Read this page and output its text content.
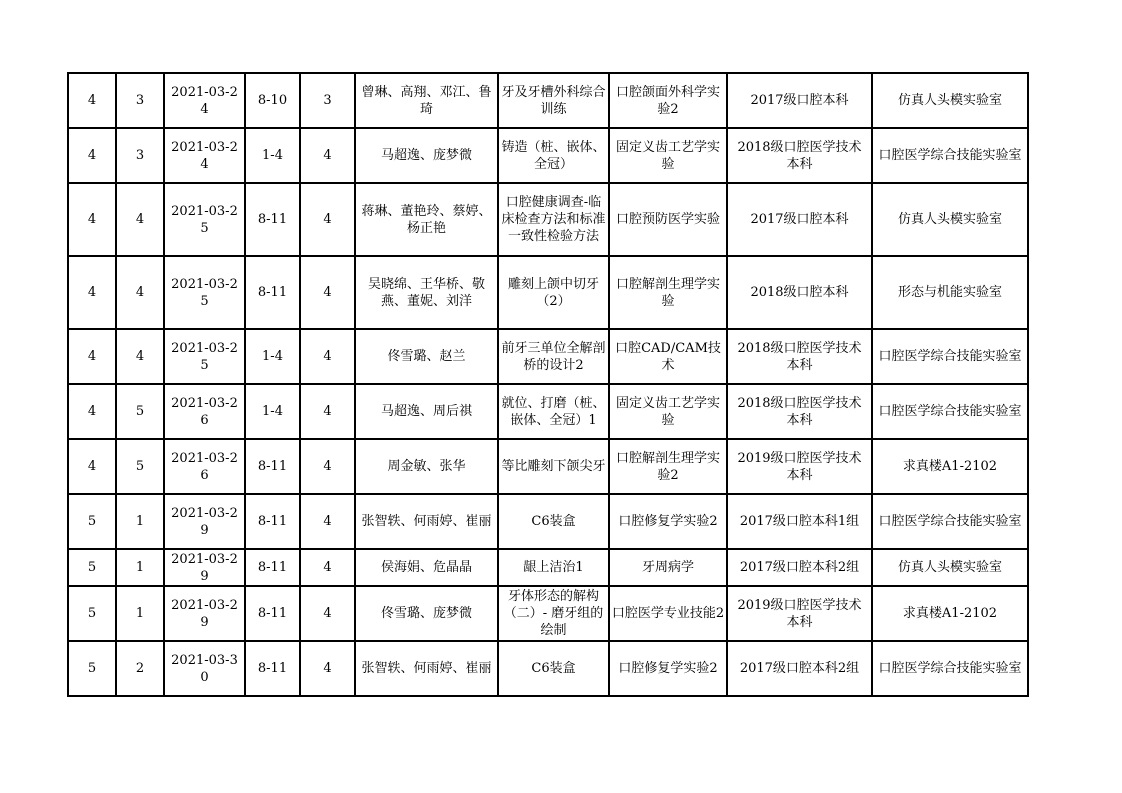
4	3	2021-03-24	8-10	3	曾琳、高翔、邓江、鲁琦	牙及牙槽外科综合训练	口腔颌面外科学实验2	2017级口腔本科	仿真人头模实验室
4	3	2021-03-24	1-4	4	马超逸、庞梦微	铸造（桩、嵌体、全冠）	固定义齿工艺学实验	2018级口腔医学技术本科	口腔医学综合技能实验室
4	4	2021-03-25	8-11	4	蒋琳、董艳玲、蔡婷、杨正艳	口腔健康调查-临床检查方法和标准一致性检验方法	口腔预防医学实验	2017级口腔本科	仿真人头模实验室
4	4	2021-03-25	8-11	4	吴晓绵、王华桥、敬燕、董妮、刘洋	雕刻上颌中切牙（2）	口腔解剖生理学实验	2018级口腔本科	形态与机能实验室
4	4	2021-03-25	1-4	4	佟雪璐、赵兰	前牙三单位全解剖桥的设计2	口腔CAD/CAM技术	2018级口腔医学技术本科	口腔医学综合技能实验室
4	5	2021-03-26	1-4	4	马超逸、周后祺	就位、打磨（桩、嵌体、全冠）1	固定义齿工艺学实验	2018级口腔医学技术本科	口腔医学综合技能实验室
4	5	2021-03-26	8-11	4	周金敏、张华	等比雕刻下颌尖牙	口腔解剖生理学实验2	2019级口腔医学技术本科	求真楼A1-2102
5	1	2021-03-29	8-11	4	张智轶、何雨婷、崔丽	C6装盒	口腔修复学实验2	2017级口腔本科1组	口腔医学综合技能实验室
5	1	2021-03-29	8-11	4	侯海娟、危晶晶	龈上洁治1	牙周病学	2017级口腔本科2组	仿真人头模实验室
5	1	2021-03-29	8-11	4	佟雪璐、庞梦微	牙体形态的解构（二）- 磨牙组的绘制	口腔医学专业技能2	2019级口腔医学技术本科	求真楼A1-2102
5	2	2021-03-30	8-11	4	张智轶、何雨婷、崔丽	C6装盒	口腔修复学实验2	2017级口腔本科2组	口腔医学综合技能实验室
